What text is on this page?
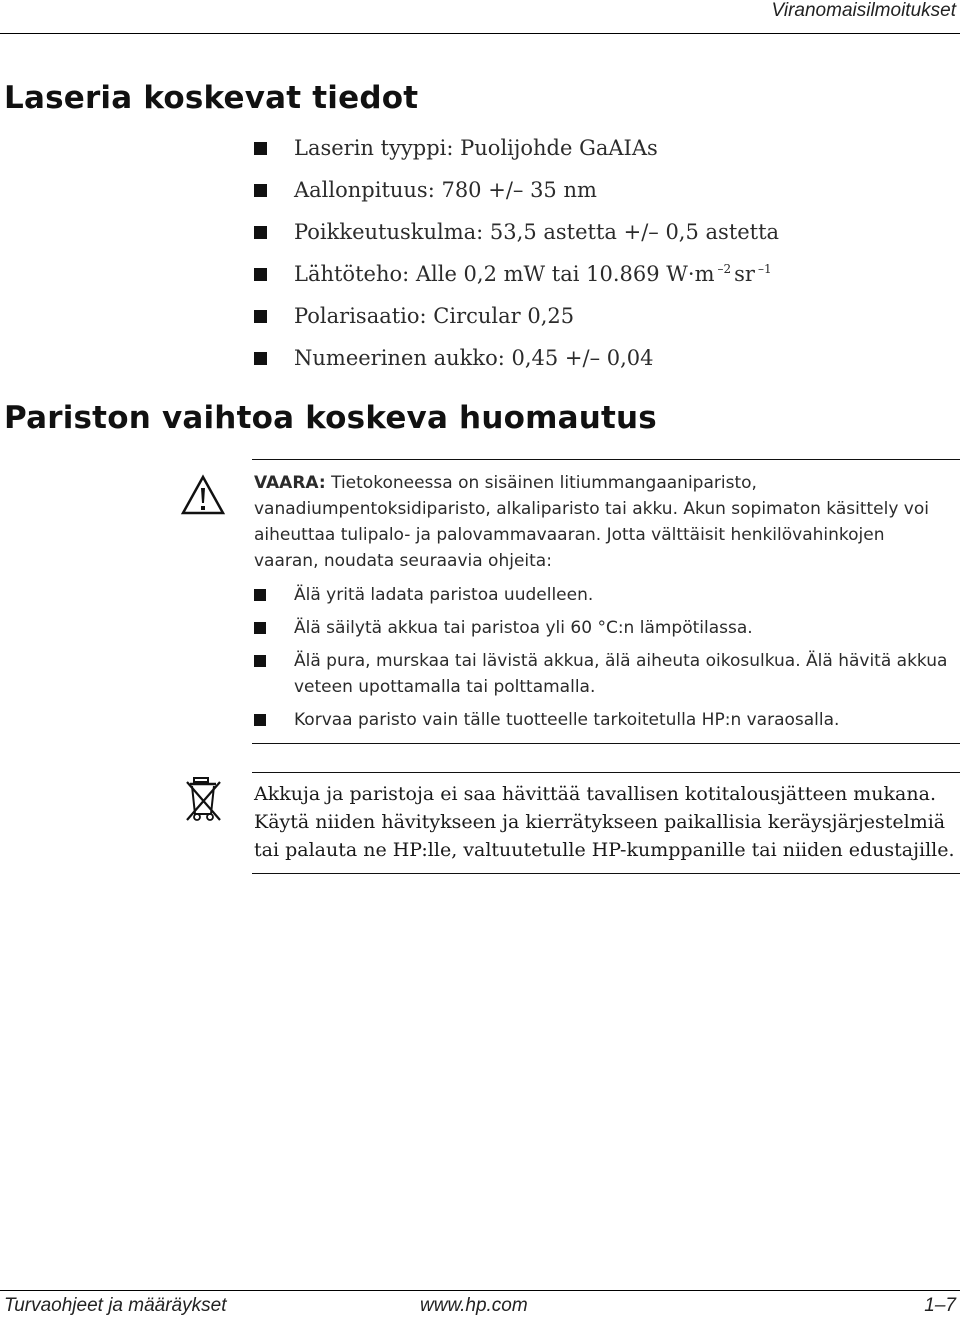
Viranomaisilmoitukset
Laseria koskevat tiedot
Laserin tyyppi: Puolijohde GaAIAs
Aallonpituus: 780 +/– 35 nm
Poikkeutuskulma: 53,5 astetta +/– 0,5 astetta
Lähtöteho: Alle 0,2 mW tai 10.869 W·m $^{-2}$ sr $^{-1}$
Polarisaatio: Circular 0,25
Numeerinen aukko: 0,45 +/– 0,04
Pariston vaihtoa koskeva huomautus

VAARA: Tietokoneessa on sisäinen litiummangaaniparisto, vanadiumpentoksidiparisto, alkaliparisto tai akku. Akun sopimaton käsittely voi aiheuttaa tulipalo- ja palovammavaaran. Jotta välttäisit henkilövahinkojen vaaran, noudata seuraavia ohjeita:

Älä yritä ladata paristoa uudelleen.
Älä säilytä akkua tai paristoa yli 60 °C:n lämpötilassa.
Älä pura, murskaa tai lävistä akkua, älä aiheuta oikosulkua. Älä hävitä akkua veteen upottamalla tai polttamalla.
Korvaa paristo vain tälle tuotteelle tarkoitetulla HP:n varaosalla.

Akkuja ja paristoja ei saa hävittää tavallisen kotitalousjätteen mukana. Käytä niiden hävitykseen ja kierrätykseen paikallisia keräysjärjestelmiä tai palauta ne HP:lle, valtuutetulle HP-kumppanille tai niiden edustajille.

Turvaohjeet ja määräykset	www.hp.com	1–7
